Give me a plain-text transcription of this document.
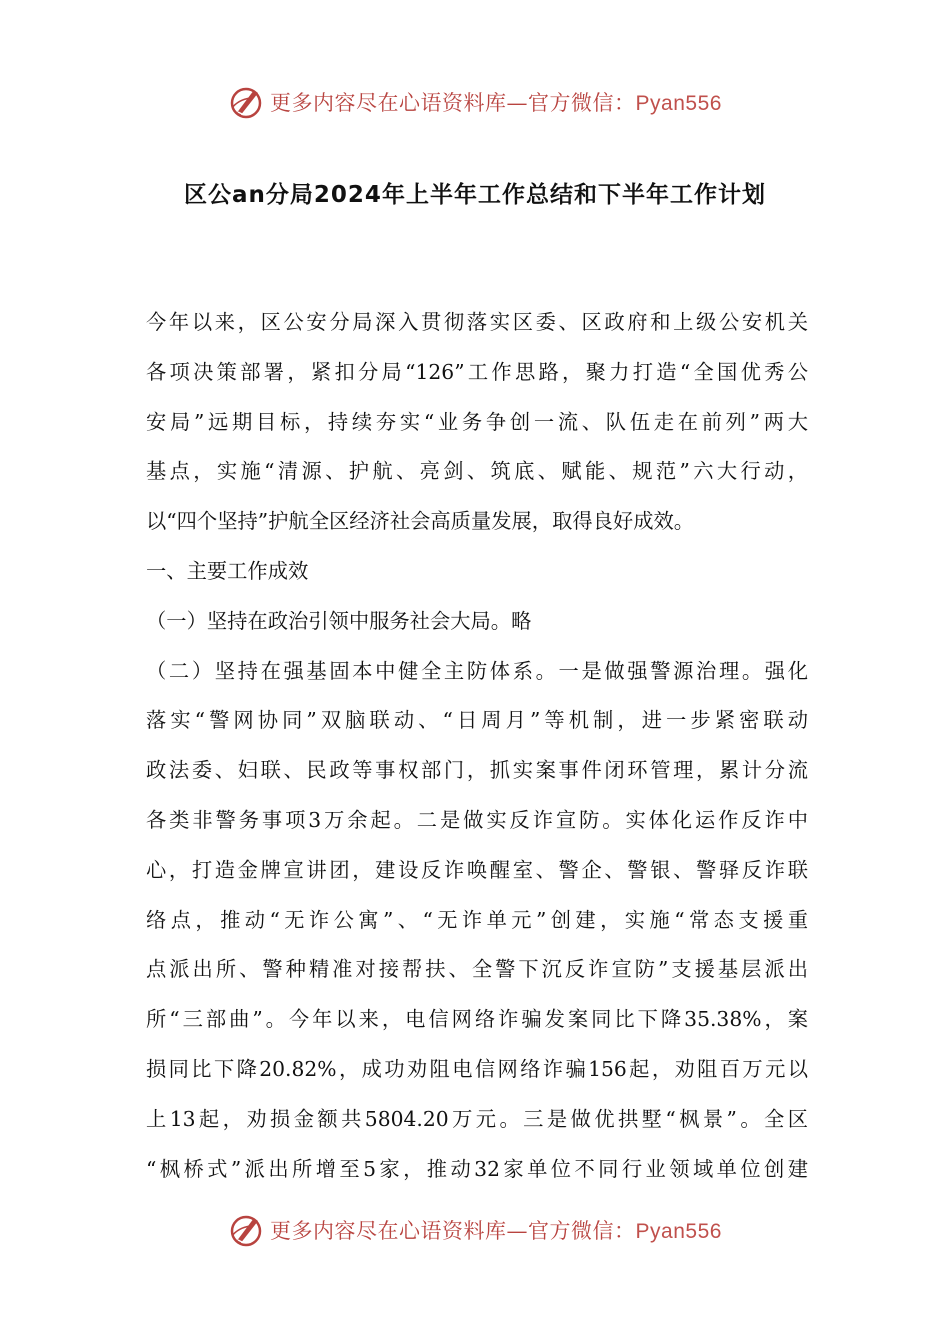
更多内容尽在心语资料库—官方微信：Pyan556
区公an分局2024年上半年工作总结和下半年工作计划
今年以来，区公安分局深入贯彻落实区委、区政府和上级公安机关
各项决策部署，紧扣分局“126”工作思路，聚力打造“全国优秀公
安局”远期目标，持续夯实“业务争创一流、队伍走在前列”两大
基点，实施“清源、护航、亮剑、筑底、赋能、规范”六大行动，
以“四个坚持”护航全区经济社会高质量发展，取得良好成效。
一、主要工作成效
（一）坚持在政治引领中服务社会大局。略
（二）坚持在强基固本中健全主防体系。一是做强警源治理。强化
落实“警网协同”双脑联动、“日周月”等机制，进一步紧密联动
政法委、妇联、民政等事权部门，抓实案事件闭环管理，累计分流
各类非警务事项3万余起。二是做实反诈宣防。实体化运作反诈中
心，打造金牌宣讲团，建设反诈唤醒室、警企、警银、警驿反诈联
络点，推动“无诈公寓”、“无诈单元”创建，实施“常态支援重
点派出所、警种精准对接帮扶、全警下沉反诈宣防”支援基层派出
所“三部曲”。今年以来，电信网络诈骗发案同比下降35.38%，案
损同比下降20.82%，成功劝阻电信网络诈骗156起，劝阻百万元以
上13起，劝损金额共5804.20万元。三是做优拱墅“枫景”。全区
“枫桥式”派出所增至5家，推动32家单位不同行业领域单位创建
更多内容尽在心语资料库—官方微信：Pyan556
